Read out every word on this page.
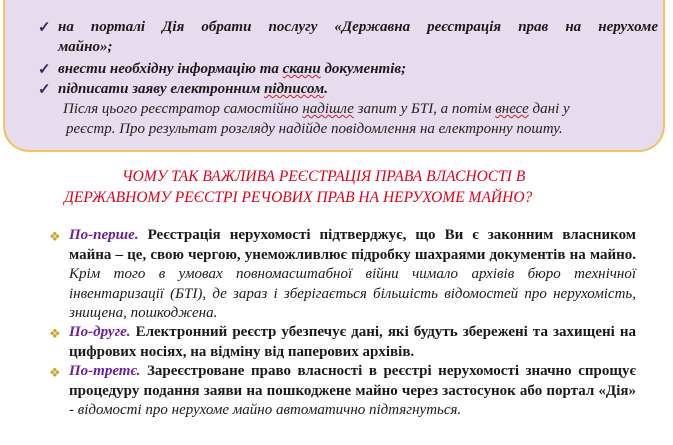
✓ на порталі Дія обрати послугу «Державна реєстрація прав на нерухоме
майно»;
✓ внести необхідну інформацію та скани документів;
✓ підписати заяву електронним підписом.
Після цього реєстратор самостійно надішле запит у БТІ, а потім внесе дані у
реєстр. Про результат розгляду надійде повідомлення на електронну пошту.
ЧОМУ ТАК ВАЖЛИВА РЕЄСТРАЦІЯ ПРАВА ВЛАСНОСТІ В
ДЕРЖАВНОМУ РЕЄСТРІ РЕЧОВИХ ПРАВ НА НЕРУХОМЕ МАЙНО?
❖ По-перше. Реєстрація нерухомості підтверджує, що Ви є законним власником майна – це, свою чергою, унеможливлює підробку шахраями документів на майно. Крім того в умовах повномасштабної війни чимало архівів бюро технічної інвентаризації (БТІ), де зараз і зберігається більшість відомостей про нерухомість, знищена, пошкоджена.
❖ По-друге. Електронний реєстр убезпечує дані, які будуть збережені та захищені на цифрових носіях, на відміну від паперових архівів.
❖ По-третє. Зареєстроване право власності в реєстрі нерухомості значно спрощує процедуру подання заяви на пошкоджене майно через застосунок або портал «Дія» - відомості про нерухоме майно автоматично підтягнуться.
